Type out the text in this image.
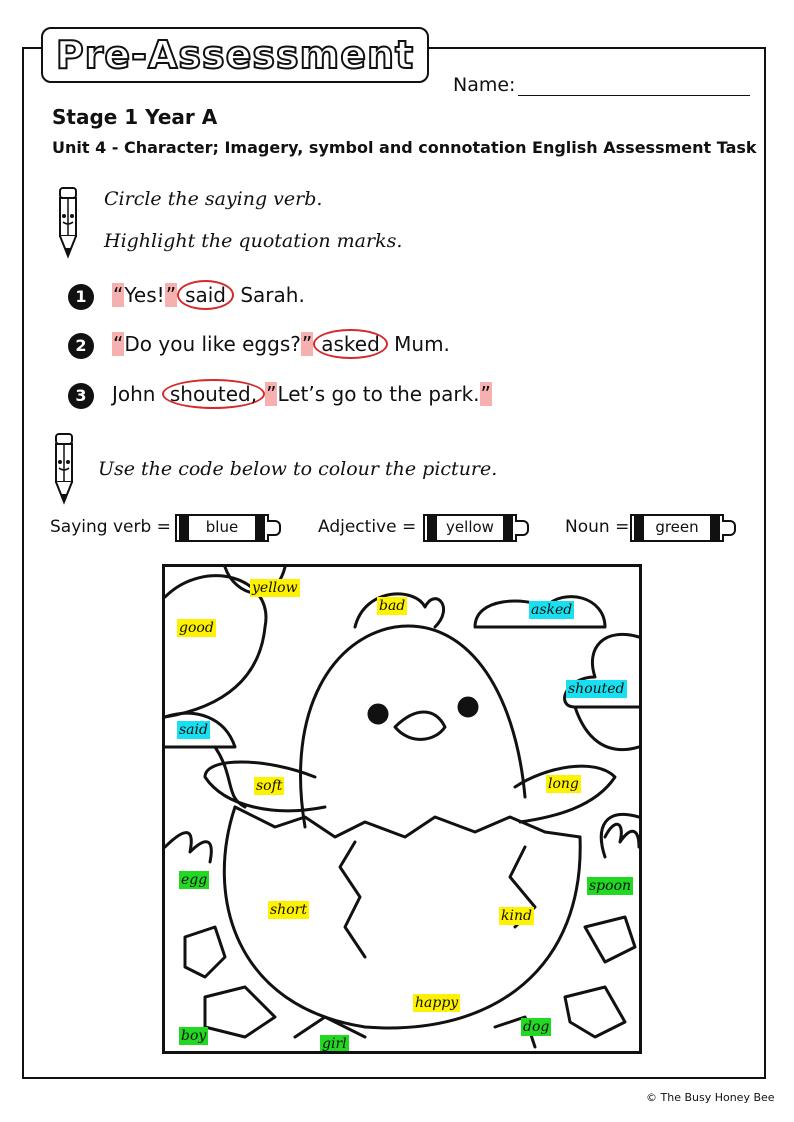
Pre-Assessment
Name:
Stage 1 Year A
Unit 4 - Character; Imagery, symbol and connotation English Assessment Task
Circle the saying verb.
Highlight the quotation marks.
1 “Yes!” said Sarah.
2 “Do you like eggs?” asked Mum.
3 John shouted, ”Let’s go to the park.”
Use the code below to colour the picture.
Saying verb =	blue	Adjective =	yellow	Noun =	green
yellow
bad
good
asked
shouted
said
soft	long
egg	spoon
short	kind
happy
boy	girl
dog
© The Busy Honey Bee
